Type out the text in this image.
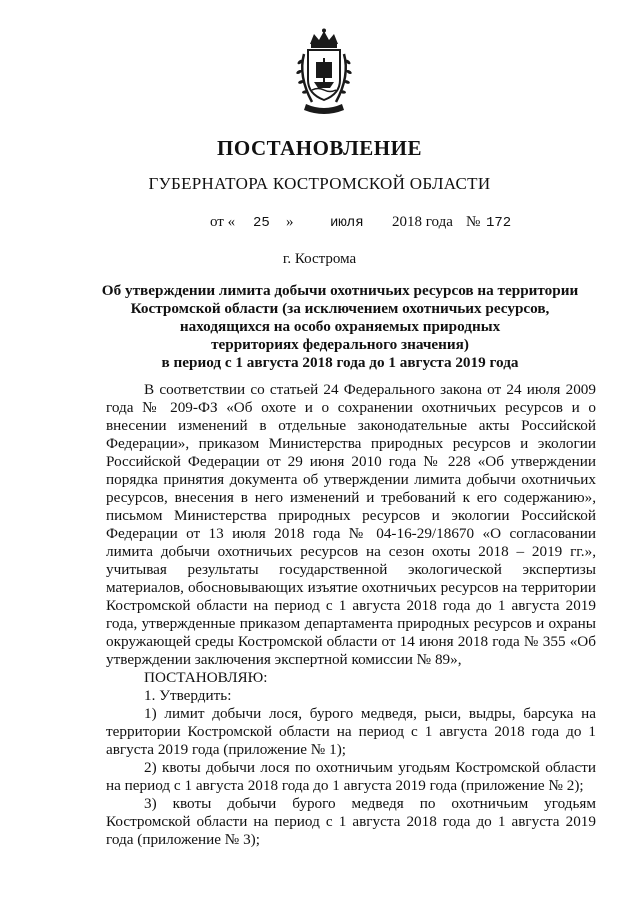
ПОСТАНОВЛЕНИЕ
ГУБЕРНАТОРА КОСТРОМСКОЙ ОБЛАСТИ
от « 25 »	июля 2018 года № 172
г. Кострома
Об утверждении лимита добычи охотничьих ресурсов на территории
Костромской области (за исключением охотничьих ресурсов,
находящихся на особо охраняемых природных
территориях федерального значения)
в период с 1 августа 2018 года до 1 августа 2019 года

В соответствии со статьей 24 Федерального закона от 24 июля 2009 года № 209-ФЗ «Об охоте и о сохранении охотничьих ресурсов и о внесении изменений в отдельные законодательные акты Российской Федерации», приказом Министерства природных ресурсов и экологии Российской Федерации от 29 июня 2010 года № 228 «Об утверждении порядка принятия документа об утверждении лимита добычи охотничьих ресурсов, внесения в него изменений и требований к его содержанию», письмом Министерства природных ресурсов и экологии Российской Федерации от 13 июля 2018 года № 04-16-29/18670 «О согласовании лимита добычи охотничьих ресурсов на сезон охоты 2018 – 2019 гг.», учитывая результаты государственной экологической экспертизы материалов, обосновывающих изъятие охотничьих ресурсов на территории Костромской области на период с 1 августа 2018 года до 1 августа 2019 года, утвержденные приказом департамента природных ресурсов и охраны окружающей среды Костромской области от 14 июня 2018 года № 355 «Об утверждении заключения экспертной комиссии № 89»,

ПОСТАНОВЛЯЮ:

1. Утвердить:

1) лимит добычи лося, бурого медведя, рыси, выдры, барсука на территории Костромской области на период с 1 августа 2018 года до 1 августа 2019 года (приложение № 1);

2) квоты добычи лося по охотничьим угодьям Костромской области на период с 1 августа 2018 года до 1 августа 2019 года (приложение № 2);

3) квоты добычи бурого медведя по охотничьим угодьям Костромской области на период с 1 августа 2018 года до 1 августа 2019 года (приложение № 3);
